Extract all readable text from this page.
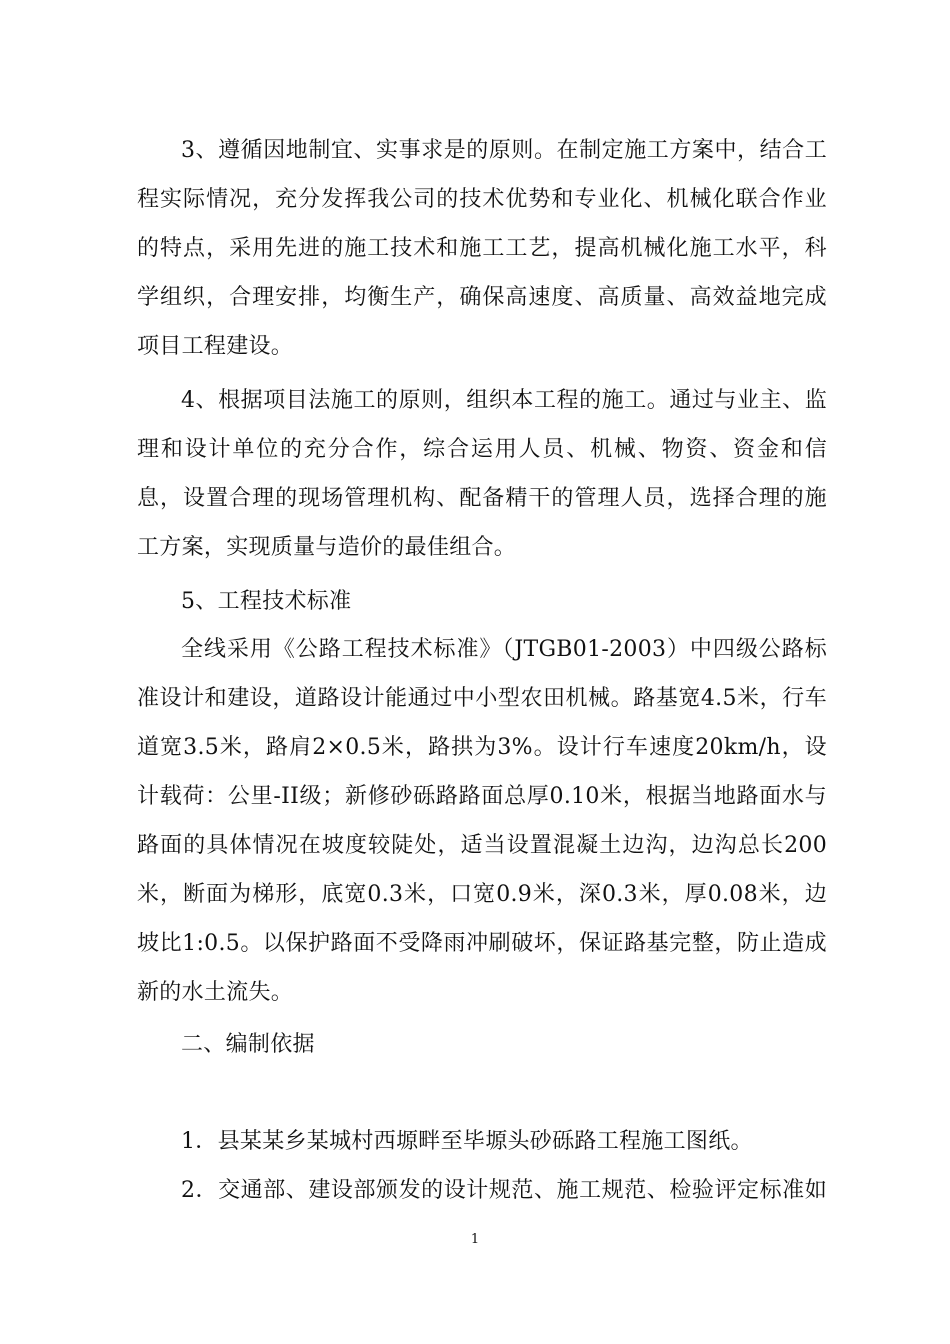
3、遵循因地制宜、实事求是的原则。在制定施工方案中，结合工程实际情况，充分发挥我公司的技术优势和专业化、机械化联合作业的特点，采用先进的施工技术和施工工艺，提高机械化施工水平，科学组织，合理安排，均衡生产，确保高速度、高质量、高效益地完成项目工程建设。

4、根据项目法施工的原则，组织本工程的施工。通过与业主、监理和设计单位的充分合作，综合运用人员、机械、物资、资金和信息，设置合理的现场管理机构、配备精干的管理人员，选择合理的施工方案，实现质量与造价的最佳组合。

5、工程技术标准

全线采用《公路工程技术标准》（JTGB01-2003）中四级公路标准设计和建设，道路设计能通过中小型农田机械。路基宽4.5米，行车道宽3.5米，路肩2×0.5米，路拱为3%。设计行车速度20km/h，设计载荷：公里-II级；新修砂砾路路面总厚0.10米，根据当地路面水与路面的具体情况在坡度较陡处，适当设置混凝土边沟，边沟总长200米，断面为梯形，底宽0.3米，口宽0.9米，深0.3米，厚0.08米，边坡比1:0.5。以保护路面不受降雨冲刷破坏，保证路基完整，防止造成新的水土流失。

二、编制依据

1．县某某乡某城村西塬畔至毕塬头砂砾路工程施工图纸。

2．交通部、建设部颁发的设计规范、施工规范、检验评定标准如

1
